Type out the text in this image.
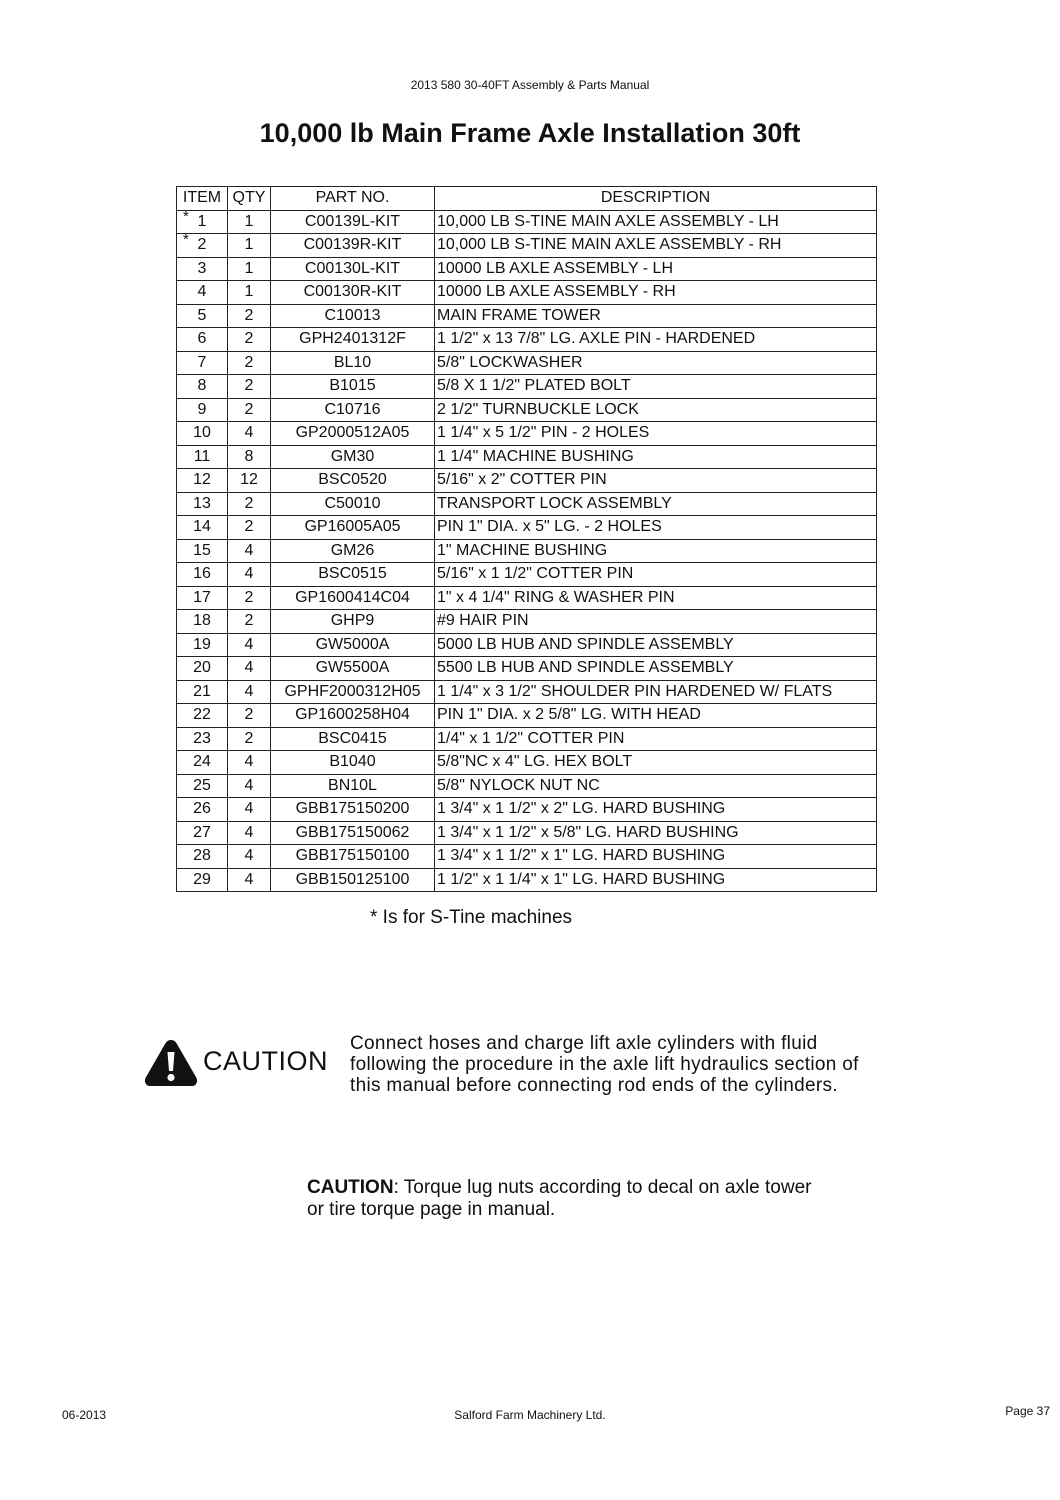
2013 580 30-40FT Assembly & Parts Manual
10,000 lb Main Frame Axle Installation 30ft
ITEM	QTY	PART NO.	DESCRIPTION

* 1	1	C00139L-KIT	10,000 LB S-TINE MAIN AXLE ASSEMBLY - LH

* 2	1	C00139R-KIT	10,000 LB S-TINE MAIN AXLE ASSEMBLY - RH
3	1	C00130L-KIT	10000 LB AXLE ASSEMBLY - LH
4	1	C00130R-KIT	10000 LB AXLE ASSEMBLY - RH
5	2	C10013	MAIN FRAME TOWER
6	2	GPH2401312F	1 1/2" x 13 7/8" LG. AXLE PIN - HARDENED
7	2	BL10	5/8" LOCKWASHER
8	2	B1015	5/8 X 1 1/2" PLATED BOLT
9	2	C10716	2 1/2" TURNBUCKLE LOCK
10	4	GP2000512A05	1 1/4" x 5 1/2" PIN - 2 HOLES
11	8	GM30	1 1/4" MACHINE BUSHING
12	12	BSC0520	5/16" x 2" COTTER PIN
13	2	C50010	TRANSPORT LOCK ASSEMBLY
14	2	GP16005A05	PIN 1" DIA. x 5" LG. - 2 HOLES
15	4	GM26	1" MACHINE BUSHING
16	4	BSC0515	5/16" x 1 1/2" COTTER PIN
17	2	GP1600414C04	1" x 4 1/4" RING & WASHER PIN
18	2	GHP9	#9 HAIR PIN
19	4	GW5000A	5000 LB HUB AND SPINDLE ASSEMBLY
20	4	GW5500A	5500 LB HUB AND SPINDLE ASSEMBLY
21	4	GPHF2000312H05	1 1/4" x 3 1/2" SHOULDER PIN HARDENED W/ FLATS
22	2	GP1600258H04	PIN 1" DIA. x 2 5/8" LG. WITH HEAD
23	2	BSC0415	1/4" x 1 1/2" COTTER PIN
24	4	B1040	5/8"NC x 4" LG. HEX BOLT
25	4	BN10L	5/8" NYLOCK NUT NC
26	4	GBB175150200	1 3/4" x 1 1/2" x 2" LG. HARD BUSHING
27	4	GBB175150062	1 3/4" x 1 1/2" x 5/8" LG. HARD BUSHING
28	4	GBB175150100	1 3/4" x 1 1/2" x 1" LG. HARD BUSHING
29	4	GBB150125100	1 1/2" x 1 1/4" x 1" LG. HARD BUSHING
* Is for S-Tine machines
CAUTION
Connect hoses and charge lift axle cylinders with fluid
following the procedure in the axle lift hydraulics section of
this manual before connecting rod ends of the cylinders.
CAUTION: Torque lug nuts according to decal on axle tower or tire torque page in manual.
06-2013	Salford Farm Machinery Ltd.	Page 37
